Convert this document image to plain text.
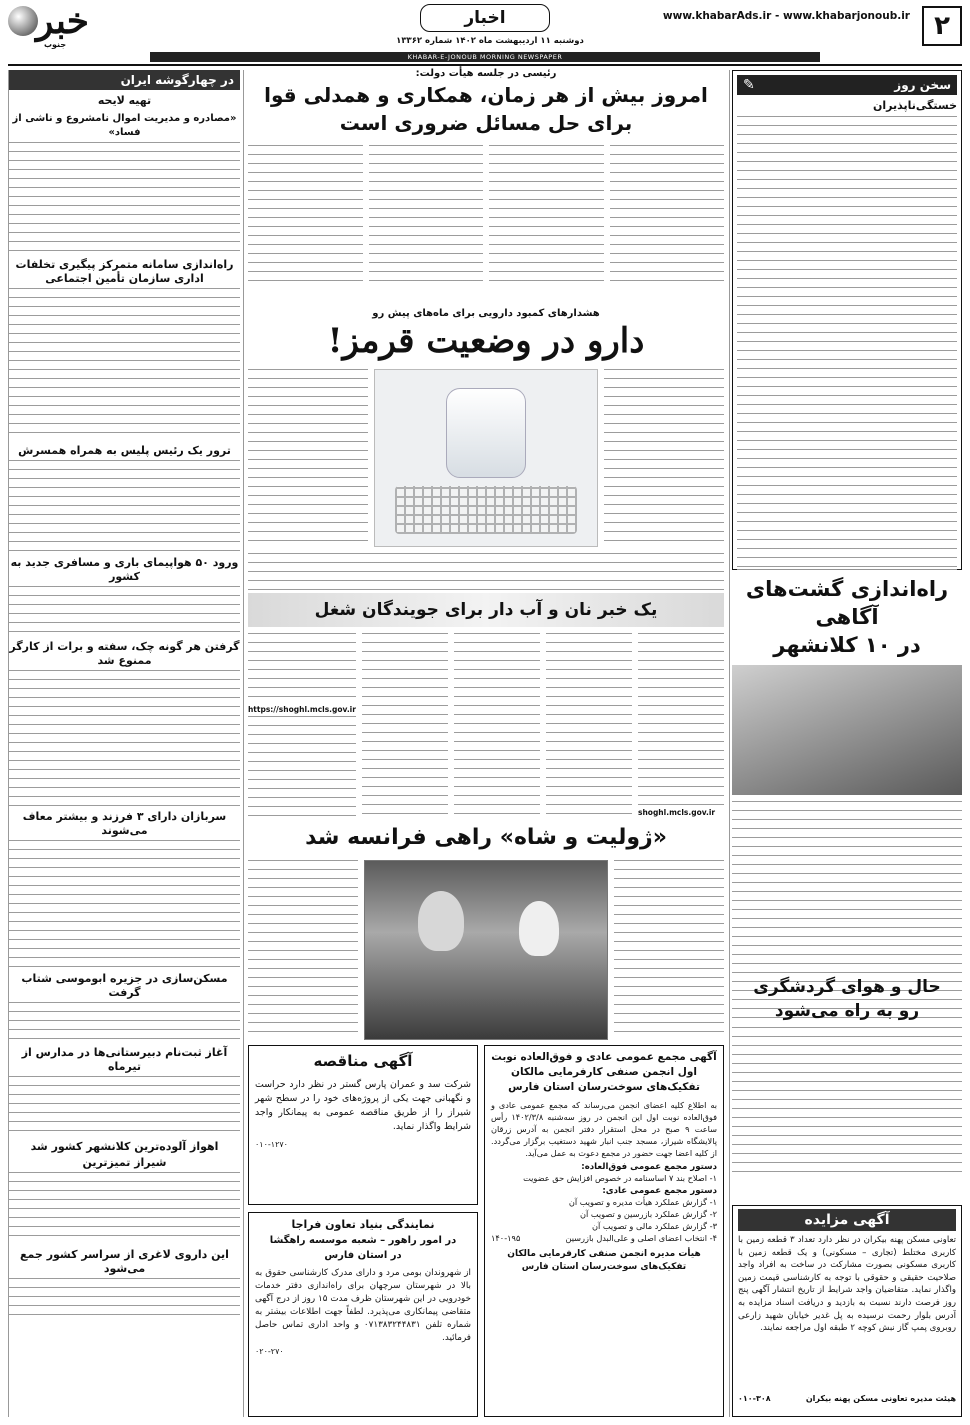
۲
www.khabarAds.ir - www.khabarjonoub.ir
اخبار
دوشنبه ۱۱ اردیبهشت ماه ۱۴۰۲ شماره ۱۳۳۶۲
خبر
جنوب
KHABAR-E-JONOUB MORNING NEWSPAPER
سخن روز
✎
خستگی‌ناپذیران
راه‌اندازی گشت‌های آگاهی
در ۱۰ کلانشهر
حال و هوای گردشگری
رو به راه می‌شود
آگهی مزایده
تعاونی مسکن پهنه بیکران در نظر دارد تعداد ۳ قطعه زمین با کاربری مختلط (تجاری – مسکونی) و یک قطعه زمین با کاربری مسکونی بصورت مشارکت در ساخت به افراد واجد صلاحیت حقیقی و حقوقی با توجه به کارشناسی قیمت زمین واگذار نماید. متقاضیان واجد شرایط از تاریخ انتشار آگهی پنج روز فرصت دارند نسبت به بازدید و دریافت اسناد مزایده به آدرس بلوار رحمت نرسیده به پل غدیر خیابان شهید زارعی روبروی پمپ گاز نبش کوچه ۲ طبقه اول مراجعه نمایند.
هیئت مدیره تعاونی مسکن پهنه بیکران
۰۱۰-۳۰۸
در چهارگوشه ایران
تهیه لایحه
«مصادره و مدیریت اموال نامشروع و ناشی از فساد»
راه‌اندازی سامانه متمرکز پیگیری تخلفات اداری سازمان تأمین اجتماعی
ترور یک رئیس پلیس به همراه همسرش
ورود ۵۰ هواپیمای باری و مسافری جدید به کشور
گرفتن هر گونه چک، سفته و برات از کارگر ممنوع شد
سربازان دارای ۳ فرزند و بیشتر معاف می‌شوند
مسکن‌سازی در جزیره ابوموسی شتاب گرفت
آغاز ثبت‌نام دبیرستانی‌ها در مدارس از تیرماه
اهواز آلوده‌ترین کلانشهر کشور شد
شیراز تمیزترین
این داروی لاغری از سراسر کشور جمع می‌شود
رئیسی در جلسه هیأت دولت:
امروز بیش از هر زمان، همکاری و همدلی قوا
برای حل مسائل ضروری است
هشدارهای کمبود دارویی برای ماه‌های پیش رو
دارو در وضعیت قرمز!
یک خبر نان و آب دار برای جویندگان شغل
shoghl.mcls.gov.ir
https://shoghl.mcls.gov.ir
«ژولیت و شاه» راهی فرانسه شد
آگهی مجمع عمومی عادی و فوق‌العاده نوبت اول انجمن صنفی کارفرمایی مالکان تفکیک‌های سوخت‌رسان استان فارس
به اطلاع کلیه اعضای انجمن می‌رساند که مجمع عمومی عادی و فوق‌العاده نوبت اول این انجمن در روز سه‌شنبه ۱۴۰۲/۳/۸ رأس ساعت ۹ صبح در محل استقرار دفتر انجمن به آدرس زرقان پالایشگاه شیراز، مسجد جنب انبار شهید دستغیب برگزار می‌گردد. از کلیه اعضا جهت حضور در مجمع دعوت به عمل می‌آید.
دستور مجمع عمومی فوق‌العاده:
۱- اصلاح بند ۷ اساسنامه در خصوص افزایش حق عضویت
دستور مجمع عمومی عادی:
۱- گزارش عملکرد هیأت مدیره و تصویب آن
۲- گزارش عملکرد بازرسین و تصویب آن
۳- گزارش عملکرد مالی و تصویب آن
۴- انتخاب اعضای اصلی و علی‌البدل بازرسین
۱۴۰-۱۹۵
هیأت مدیره انجمن صنفی کارفرمایی مالکان تفکیک‌های سوخت‌رسان استان فارس
آگهی مناقصه
شرکت سد و عمران پارس گستر در نظر دارد حراست و نگهبانی جهت یکی از پروژه‌های خود را در سطح شهر شیراز را از طریق مناقصه عمومی به پیمانکار واجد شرایط واگذار نماید.
۰۱۰-۱۲۷۰
نمایندگی بنیاد تعاون فراجا
در امور راهور – شعبه موسسه راهگشا
در استان فارس
از شهروندان بومی مرد و دارای مدرک کارشناسی حقوق به بالا در شهرستان سرچهان برای راه‌اندازی دفتر خدمات خودرویی در این شهرستان ظرف مدت ۱۵ روز از درج آگهی متقاضی پیمانکاری می‌پذیرد. لطفاً جهت اطلاعات بیشتر به شماره تلفن ۰۷۱۳۸۳۲۴۴۸۳۱ و واحد اداری تماس حاصل فرمائید.
۰۲۰-۲۷۰
